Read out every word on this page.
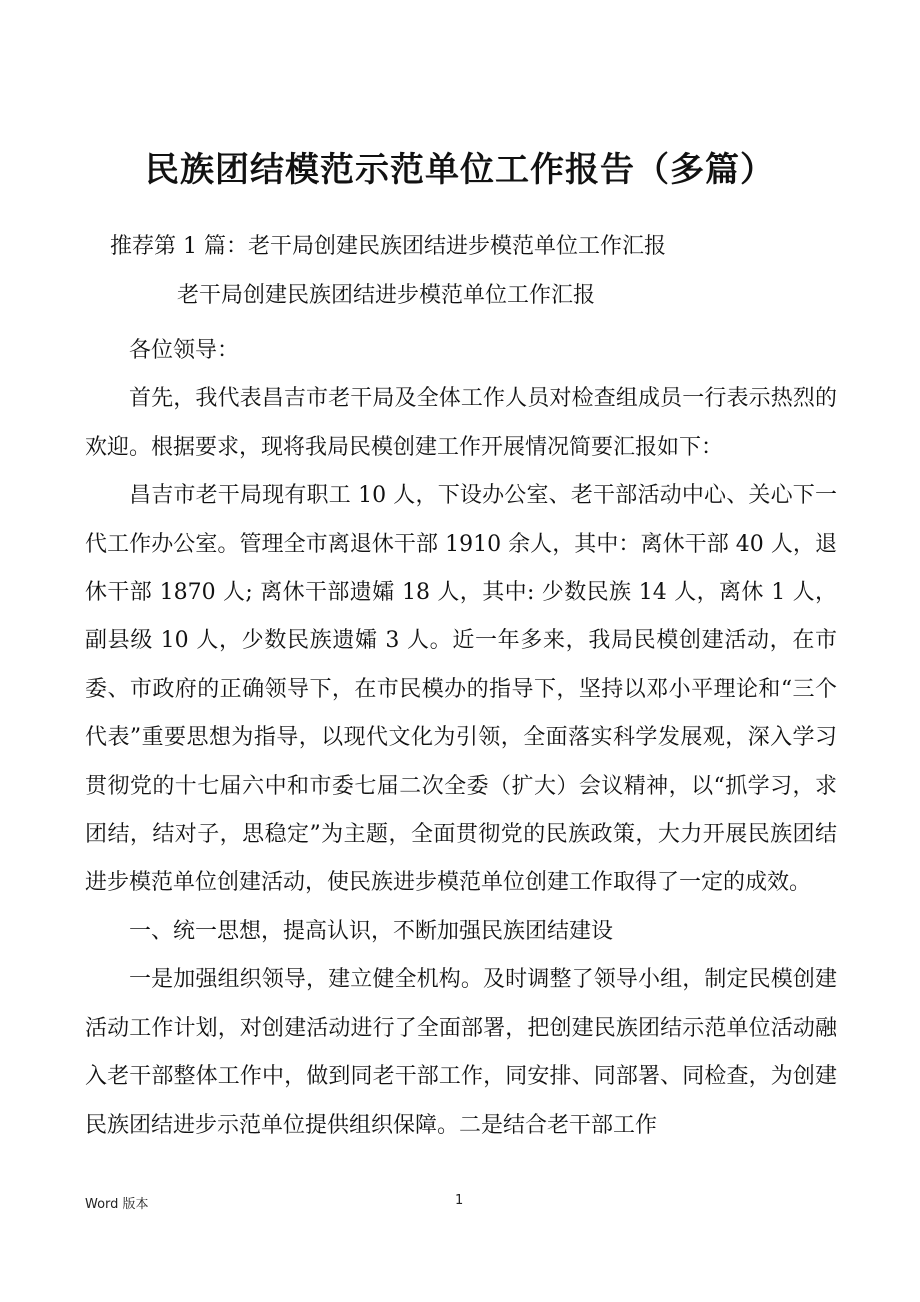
民族团结模范示范单位工作报告（多篇）

推荐第 1 篇：老干局创建民族团结进步模范单位工作汇报

老干局创建民族团结进步模范单位工作汇报

各位领导：

首先，我代表昌吉市老干局及全体工作人员对检查组成员一行表示热烈的欢迎。根据要求，现将我局民模创建工作开展情况简要汇报如下：

昌吉市老干局现有职工 10 人，下设办公室、老干部活动中心、关心下一代工作办公室。管理全市离退休干部 1910 余人，其中：离休干部 40 人，退休干部 1870 人; 离休干部遗孀 18 人，其中: 少数民族 14 人，离休 1 人，副县级 10 人，少数民族遗孀 3 人。近一年多来，我局民模创建活动，在市委、市政府的正确领导下，在市民模办的指导下，坚持以邓小平理论和“三个代表”重要思想为指导，以现代文化为引领，全面落实科学发展观，深入学习贯彻党的十七届六中和市委七届二次全委（扩大）会议精神，以“抓学习，求团结，结对子，思稳定”为主题，全面贯彻党的民族政策，大力开展民族团结进步模范单位创建活动，使民族进步模范单位创建工作取得了一定的成效。

一、统一思想，提高认识，不断加强民族团结建设

一是加强组织领导，建立健全机构。及时调整了领导小组，制定民模创建活动工作计划，对创建活动进行了全面部署，把创建民族团结示范单位活动融入老干部整体工作中，做到同老干部工作，同安排、同部署、同检查，为创建民族团结进步示范单位提供组织保障。二是结合老干部工作

Word 版本	1
